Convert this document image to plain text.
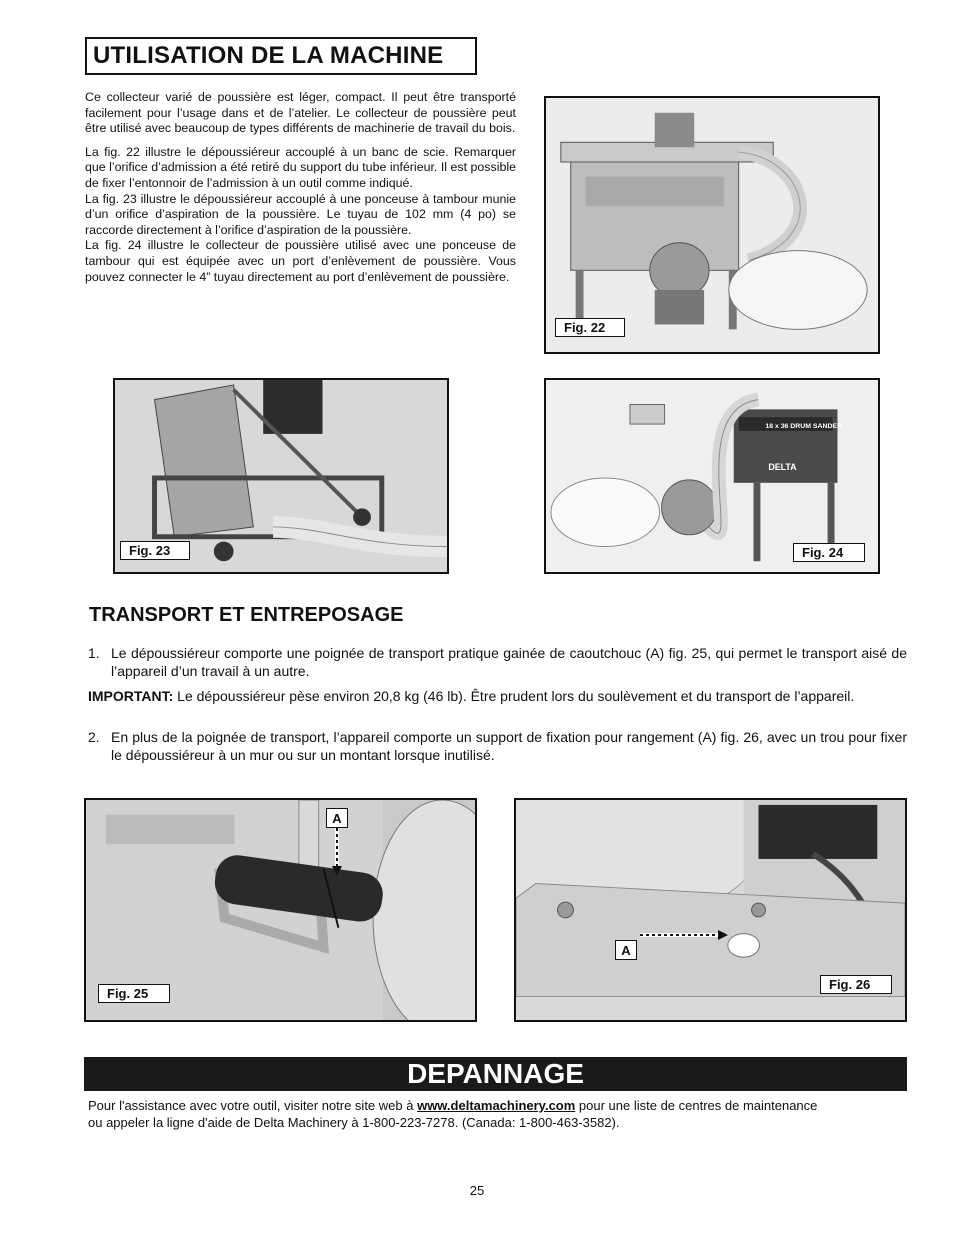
UTILISATION DE LA MACHINE

Ce collecteur varié de poussière est léger, compact. Il peut être transporté facilement pour l’usage dans et de l’atelier. Le collecteur de poussière peut être utilisé avec beaucoup de types différents de machinerie de travail du bois.

La fig. 22 illustre le dépoussiéreur accouplé à un banc de scie. Remarquer que l’orifice d’admission a été retiré du support du tube inférieur. Il est possible de fixer l’entonnoir de l’admission à un outil comme indiqué.

La fig. 23 illustre le dépoussiéreur accouplé à une ponceuse à tambour munie d’un orifice d’aspiration de la poussière. Le tuyau de 102 mm (4 po) se raccorde directement à l’orifice d’aspiration de la poussière.

La fig. 24 illustre le collecteur de poussière utilisé avec une ponceuse de tambour qui est équipée avec un port d’enlèvement de poussière. Vous pouvez connecter le 4” tuyau directement au port d’enlèvement de poussière.

Fig. 22
Fig. 23
18 x 36 DRUM SANDER
DELTA
Fig. 24
TRANSPORT ET ENTREPOSAGE
1. Le dépoussiéreur comporte une poignée de transport pratique gainée de caoutchouc (A) fig. 25, qui permet le transport aisé de l’appareil d’un travail à un autre.
IMPORTANT: Le dépoussiéreur pèse environ 20,8 kg (46 lb). Être prudent lors du soulèvement et du transport de l’appareil.
2. En plus de la poignée de transport, l’appareil comporte un support de fixation pour rangement (A) fig. 26, avec un trou pour fixer le dépoussiéreur à un mur ou sur un montant lorsque inutilisé.
A
Fig. 25
A
Fig. 26
DEPANNAGE
Pour l'assistance avec votre outil, visiter notre site web à www.deltamachinery.com pour une liste de centres de maintenance
ou appeler la ligne d'aide de Delta Machinery à 1-800-223-7278. (Canada: 1-800-463-3582).
25
